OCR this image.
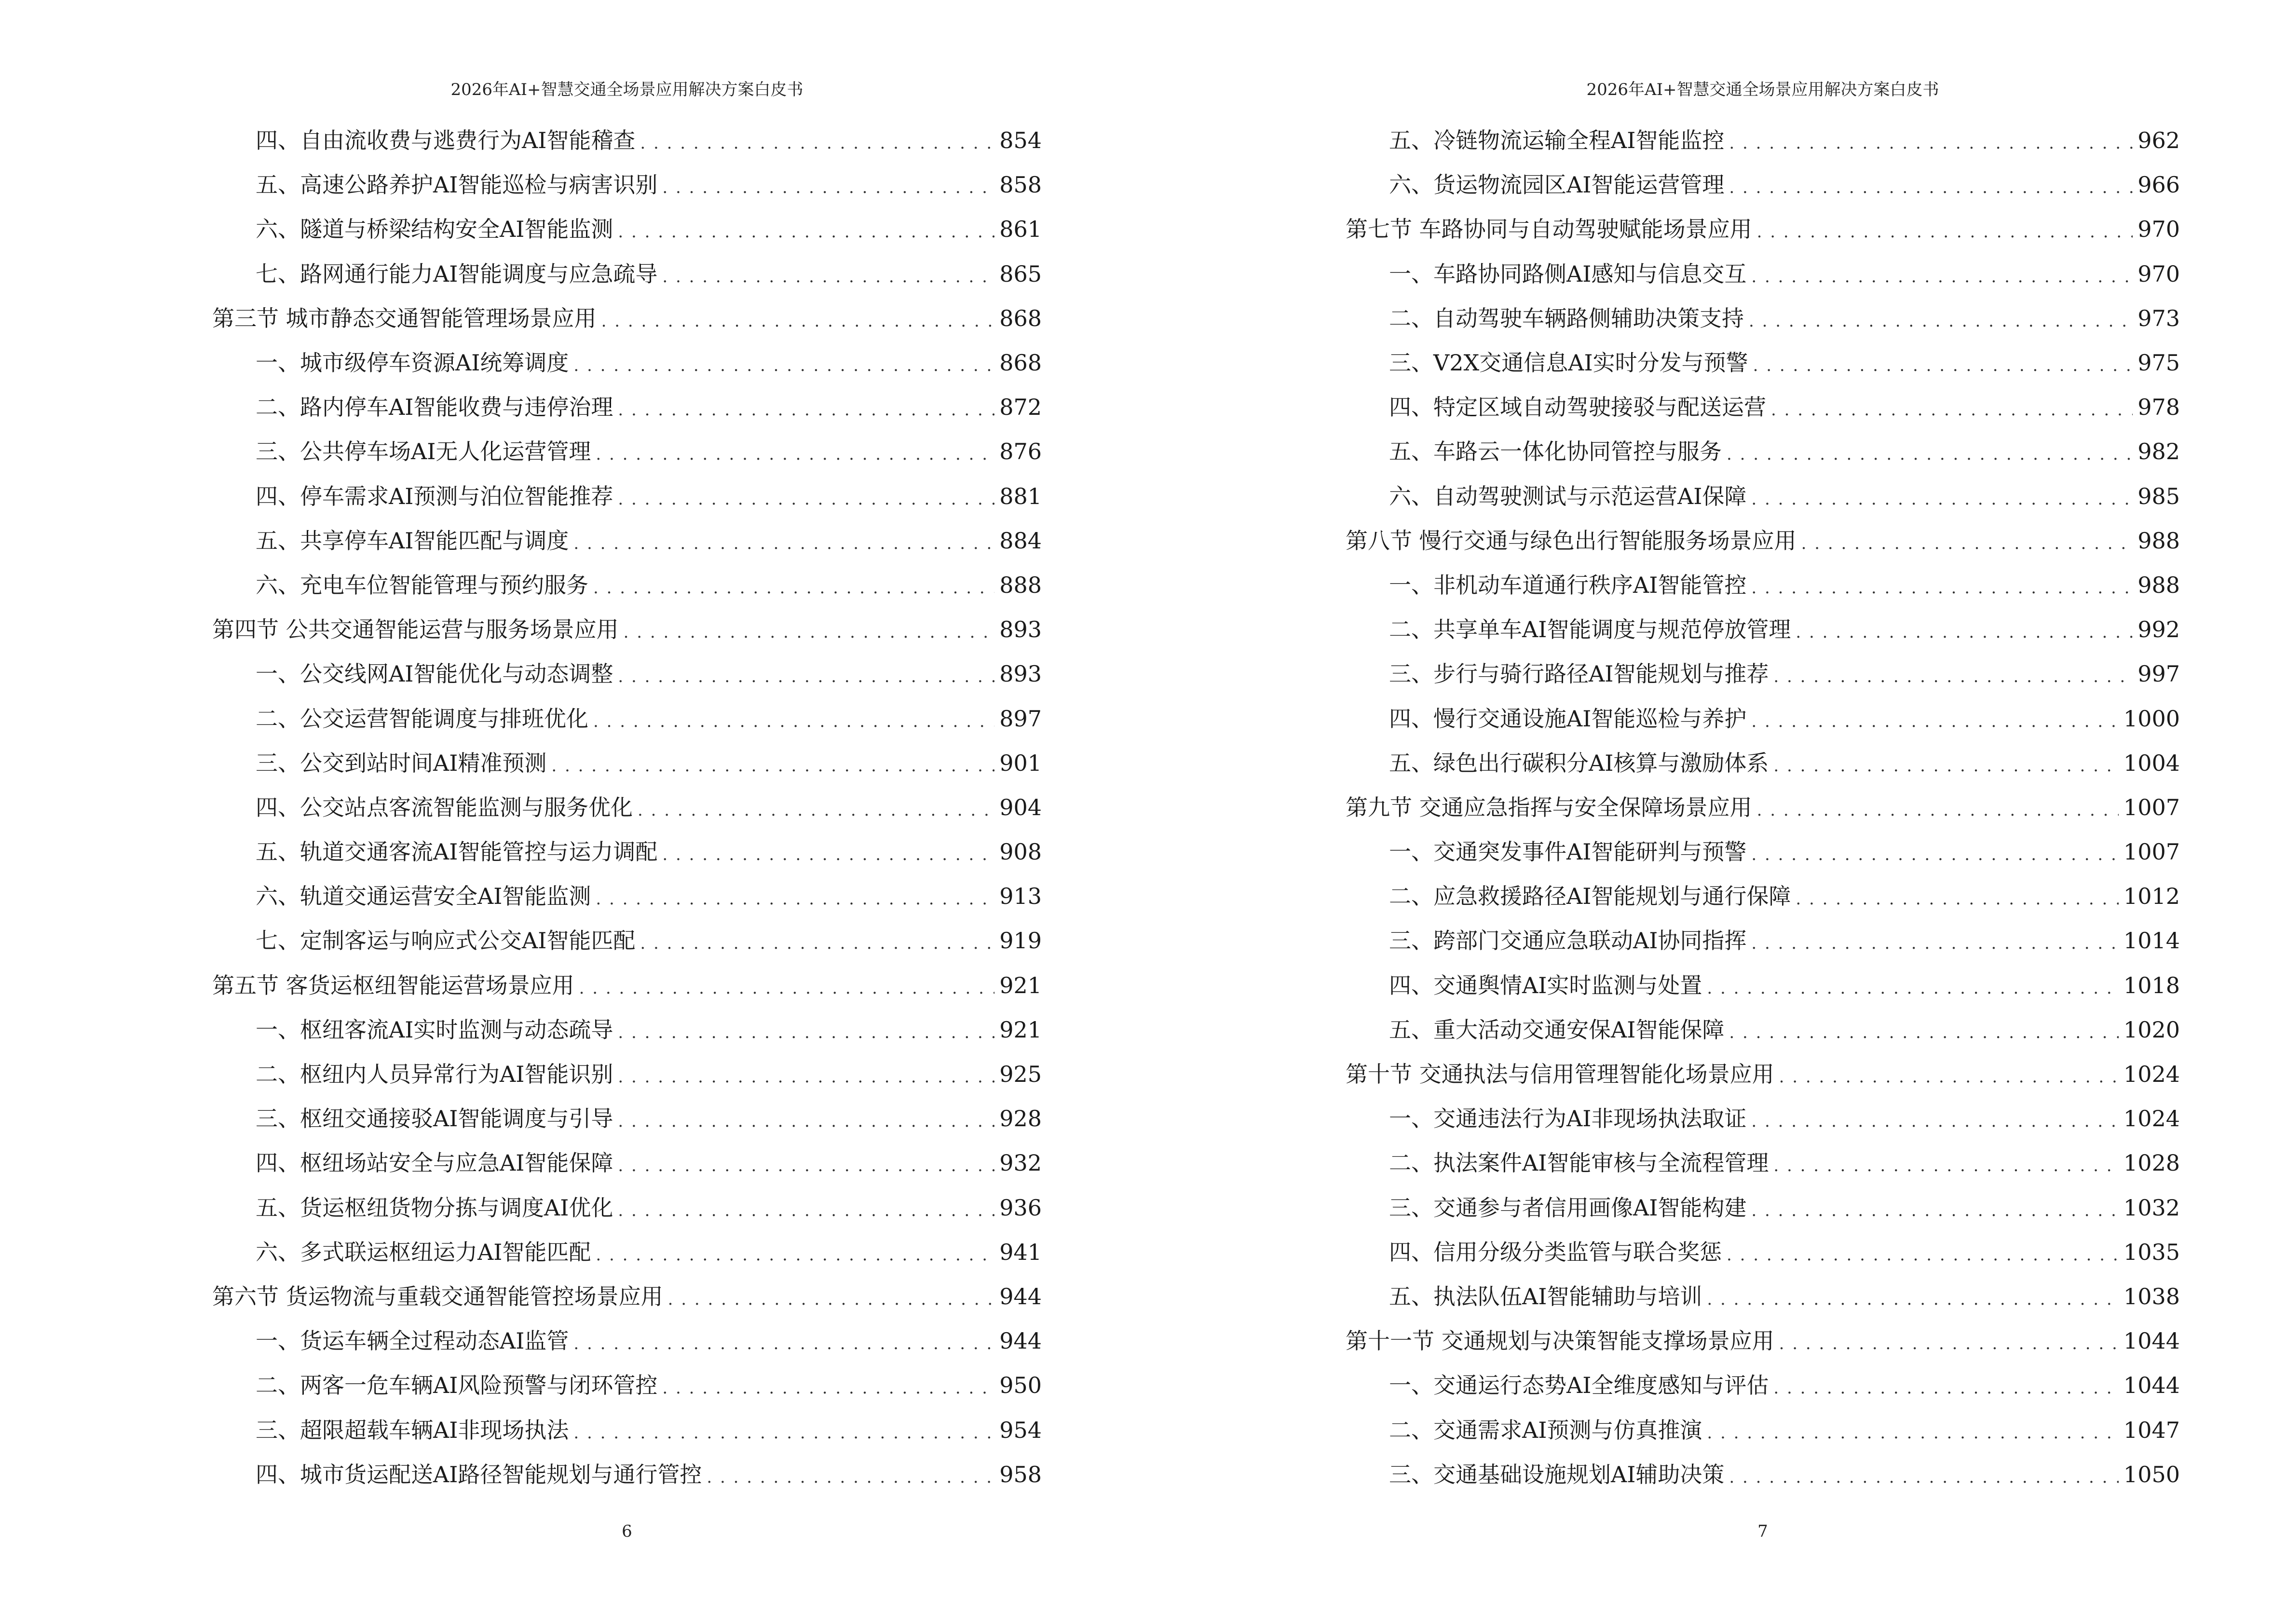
2026年AI+智慧交通全场景应用解决方案白皮书
四、自由流收费与逃费行为AI智能稽查 . . .	854
五、高速公路养护AI智能巡检与病害识别 . . .	858
六、隧道与桥梁结构安全AI智能监测 . . .	861
七、路网通行能力AI智能调度与应急疏导 . . .	865
第三节 城市静态交通智能管理场景应用 . . .	868
一、城市级停车资源AI统筹调度 . . .	868
二、路内停车AI智能收费与违停治理 . . .	872
三、公共停车场AI无人化运营管理 . . .	876
四、停车需求AI预测与泊位智能推荐 . . .	881
五、共享停车AI智能匹配与调度 . . .	884
六、充电车位智能管理与预约服务 . . .	888
第四节 公共交通智能运营与服务场景应用 . . .	893
一、公交线网AI智能优化与动态调整 . . .	893
二、公交运营智能调度与排班优化 . . .	897
三、公交到站时间AI精准预测 . . .	901
四、公交站点客流智能监测与服务优化 . . .	904
五、轨道交通客流AI智能管控与运力调配 . . .	908
六、轨道交通运营安全AI智能监测 . . .	913
七、定制客运与响应式公交AI智能匹配 . . .	919
第五节 客货运枢纽智能运营场景应用 . . .	921
一、枢纽客流AI实时监测与动态疏导 . . .	921
二、枢纽内人员异常行为AI智能识别 . . .	925
三、枢纽交通接驳AI智能调度与引导 . . .	928
四、枢纽场站安全与应急AI智能保障 . . .	932
五、货运枢纽货物分拣与调度AI优化 . . .	936
六、多式联运枢纽运力AI智能匹配 . . .	941
第六节 货运物流与重载交通智能管控场景应用 . . .	944
一、货运车辆全过程动态AI监管 . . .	944
二、两客一危车辆AI风险预警与闭环管控 . . .	950
三、超限超载车辆AI非现场执法 . . .	954
四、城市货运配送AI路径智能规划与通行管控 . . .	958
6
2026年AI+智慧交通全场景应用解决方案白皮书
五、冷链物流运输全程AI智能监控 . . .	962
六、货运物流园区AI智能运营管理 . . .	966
第七节 车路协同与自动驾驶赋能场景应用 . . .	970
一、车路协同路侧AI感知与信息交互 . . .	970
二、自动驾驶车辆路侧辅助决策支持 . . .	973
三、V2X交通信息AI实时分发与预警 . . .	975
四、特定区域自动驾驶接驳与配送运营 . . .	978
五、车路云一体化协同管控与服务 . . .	982
六、自动驾驶测试与示范运营AI保障 . . .	985
第八节 慢行交通与绿色出行智能服务场景应用 . . .	988
一、非机动车道通行秩序AI智能管控 . . .	988
二、共享单车AI智能调度与规范停放管理 . . .	992
三、步行与骑行路径AI智能规划与推荐 . . .	997
四、慢行交通设施AI智能巡检与养护 . . .	1000
五、绿色出行碳积分AI核算与激励体系 . . .	1004
第九节 交通应急指挥与安全保障场景应用 . . .	1007
一、交通突发事件AI智能研判与预警 . . .	1007
二、应急救援路径AI智能规划与通行保障 . . .	1012
三、跨部门交通应急联动AI协同指挥 . . .	1014
四、交通舆情AI实时监测与处置 . . .	1018
五、重大活动交通安保AI智能保障 . . .	1020
第十节 交通执法与信用管理智能化场景应用 . . .	1024
一、交通违法行为AI非现场执法取证 . . .	1024
二、执法案件AI智能审核与全流程管理 . . .	1028
三、交通参与者信用画像AI智能构建 . . .	1032
四、信用分级分类监管与联合奖惩 . . .	1035
五、执法队伍AI智能辅助与培训 . . .	1038
第十一节 交通规划与决策智能支撑场景应用 . . .	1044
一、交通运行态势AI全维度感知与评估 . . .	1044
二、交通需求AI预测与仿真推演 . . .	1047
三、交通基础设施规划AI辅助决策 . . .	1050
7
